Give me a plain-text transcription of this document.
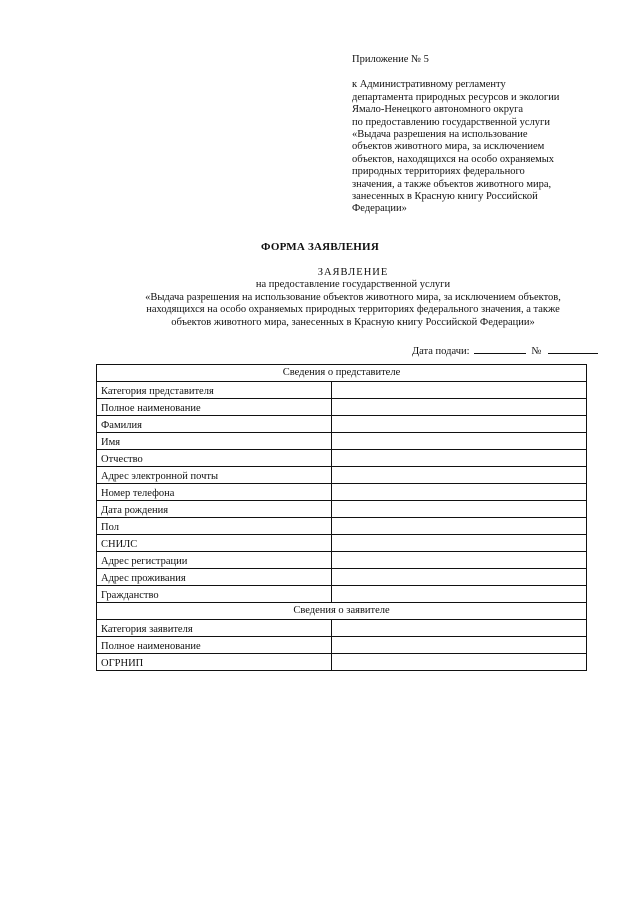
Приложение № 5
к Административному регламенту
департамента природных ресурсов и экологии
Ямало-Ненецкого автономного округа
по предоставлению государственной услуги
«Выдача разрешения на использование
объектов животного мира, за исключением
объектов, находящихся на особо охраняемых
природных территориях федерального
значения, а также объектов животного мира,
занесенных в Красную книгу Российской
Федерации»
ФОРМА ЗАЯВЛЕНИЯ
ЗАЯВЛЕНИЕ
на предоставление государственной услуги
«Выдача разрешения на использование объектов животного мира, за исключением объектов,
находящихся на особо охраняемых природных территориях федерального значения, а также
объектов животного мира, занесенных в Красную книгу Российской Федерации»
Дата подачи:	№
Сведения о представителе	
Категория представителя	
Полное наименование	
Фамилия	
Имя	
Отчество	
Адрес электронной почты	
Номер телефона	
Дата рождения	
Пол	
СНИЛС	
Адрес регистрации	
Адрес проживания	
Гражданство	
Сведения о заявителе	
Категория заявителя	
Полное наименование	
ОГРНИП	
